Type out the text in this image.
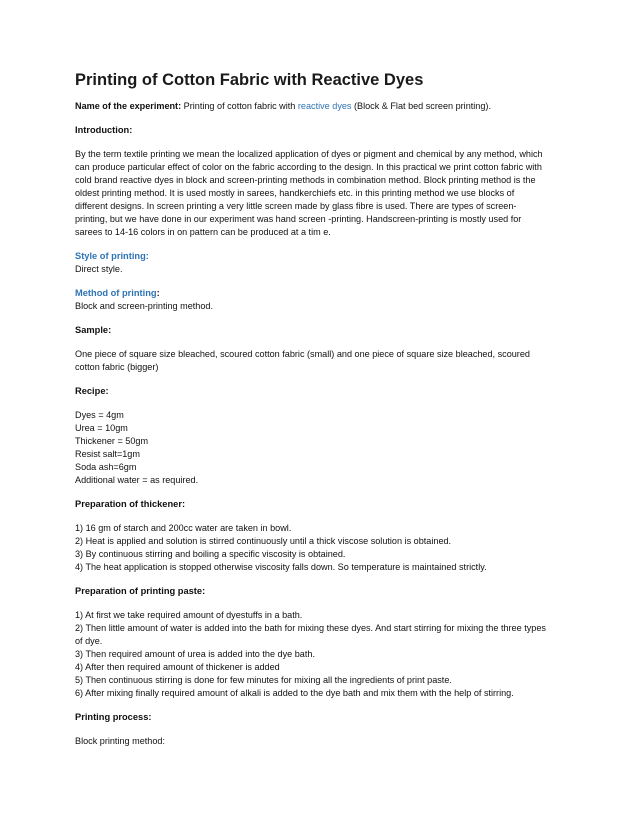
Printing of Cotton Fabric with Reactive Dyes

Name of the experiment: Printing of cotton fabric with reactive dyes (Block & Flat bed screen printing).

Introduction:

By the term textile printing we mean the localized application of dyes or pigment and chemical by any method, which

can produce particular effect of color on the fabric according to the design. In this practical we print cotton fabric with

cold brand reactive dyes in block and screen-printing methods in combination method. Block printing method is the

oldest printing method. It is used mostly in sarees, handkerchiefs etc. in this printing method we use blocks of

different designs. In screen printing a very little screen made by glass fibre is used. There are types of screen-

printing, but we have done in our experiment was hand screen -printing. Handscreen-printing is mostly used for

sarees to 14-16 colors in on pattern can be produced at a tim e.

Style of printing:

Direct style.

Method of printing:

Block and screen-printing method.

Sample:

One piece of square size bleached, scoured cotton fabric (small) and one piece of square size bleached, scoured

cotton fabric (bigger)

Recipe:

Dyes = 4gm

Urea = 10gm

Thickener = 50gm

Resist salt=1gm

Soda ash=6gm

Additional water = as required.

Preparation of thickener:

1) 16 gm of starch and 200cc water are taken in bowl.

2) Heat is applied and solution is stirred continuously until a thick viscose solution is obtained.

3) By continuous stirring and boiling a specific viscosity is obtained.

4) The heat application is stopped otherwise viscosity falls down. So temperature is maintained strictly.

Preparation of printing paste:

1) At first we take required amount of dyestuffs in a bath.

2) Then little amount of water is added into the bath for mixing these dyes. And start stirring for mixing the three types

of dye.

3) Then required amount of urea is added into the dye bath.

4) After then required amount of thickener is added

5) Then continuous stirring is done for few minutes for mixing all the ingredients of print paste.

6) After mixing finally required amount of alkali is added to the dye bath and mix them with the help of stirring.

Printing process:

Block printing method:
